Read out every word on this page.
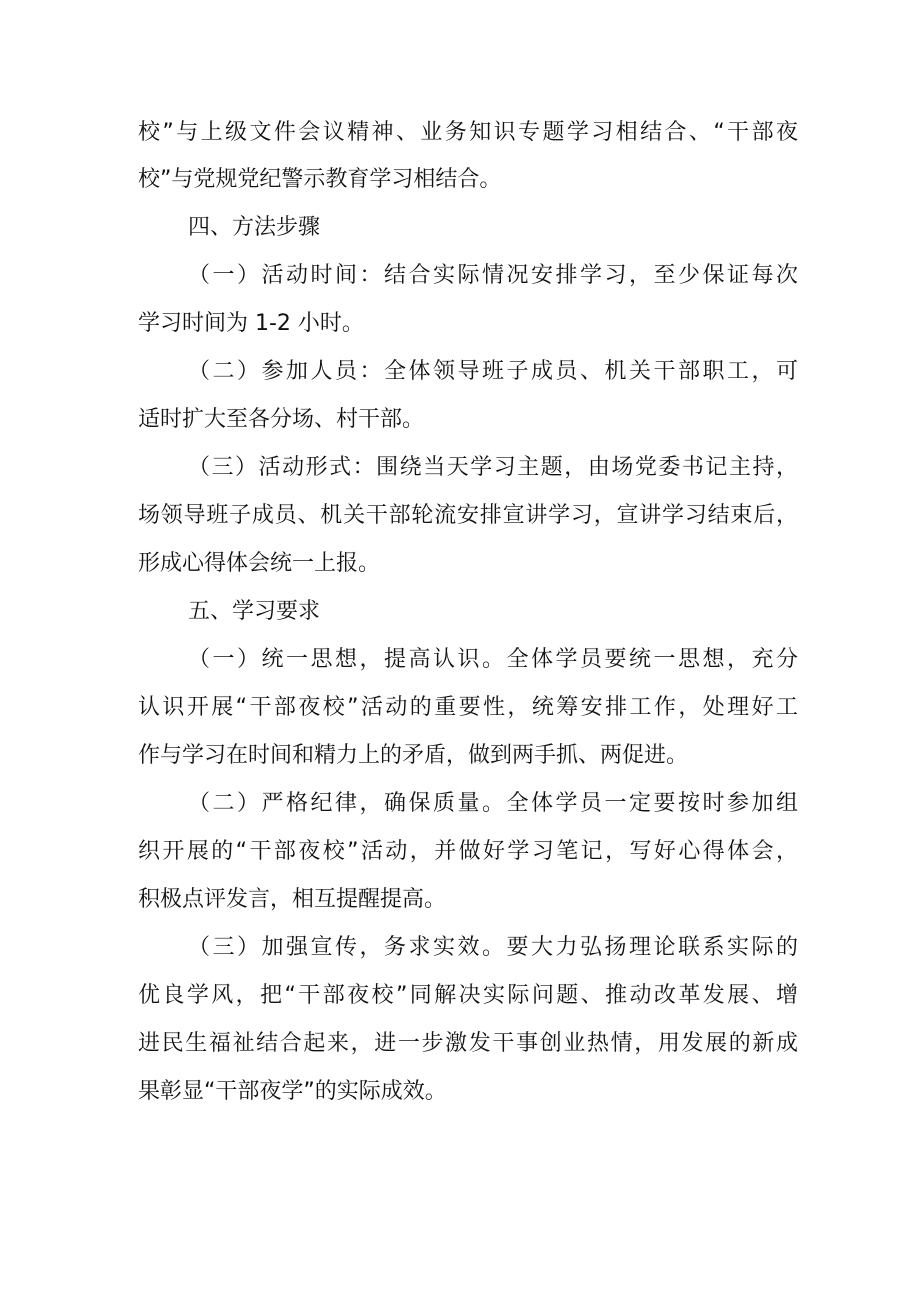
校”与上级文件会议精神、业务知识专题学习相结合、“干部夜
校”与党规党纪警示教育学习相结合。
四、方法步骤
（一）活动时间：结合实际情况安排学习，至少保证每次
学习时间为 1-2 小时。
（二）参加人员：全体领导班子成员、机关干部职工，可
适时扩大至各分场、村干部。
（三）活动形式：围绕当天学习主题，由场党委书记主持，
场领导班子成员、机关干部轮流安排宣讲学习，宣讲学习结束后，
形成心得体会统一上报。
五、学习要求
（一）统一思想，提高认识。全体学员要统一思想，充分
认识开展“干部夜校”活动的重要性，统筹安排工作，处理好工
作与学习在时间和精力上的矛盾，做到两手抓、两促进。
（二）严格纪律，确保质量。全体学员一定要按时参加组
织开展的“干部夜校”活动，并做好学习笔记，写好心得体会，
积极点评发言，相互提醒提高。
（三）加强宣传，务求实效。要大力弘扬理论联系实际的
优良学风，把“干部夜校”同解决实际问题、推动改革发展、增
进民生福祉结合起来，进一步激发干事创业热情，用发展的新成
果彰显“干部夜学”的实际成效。
